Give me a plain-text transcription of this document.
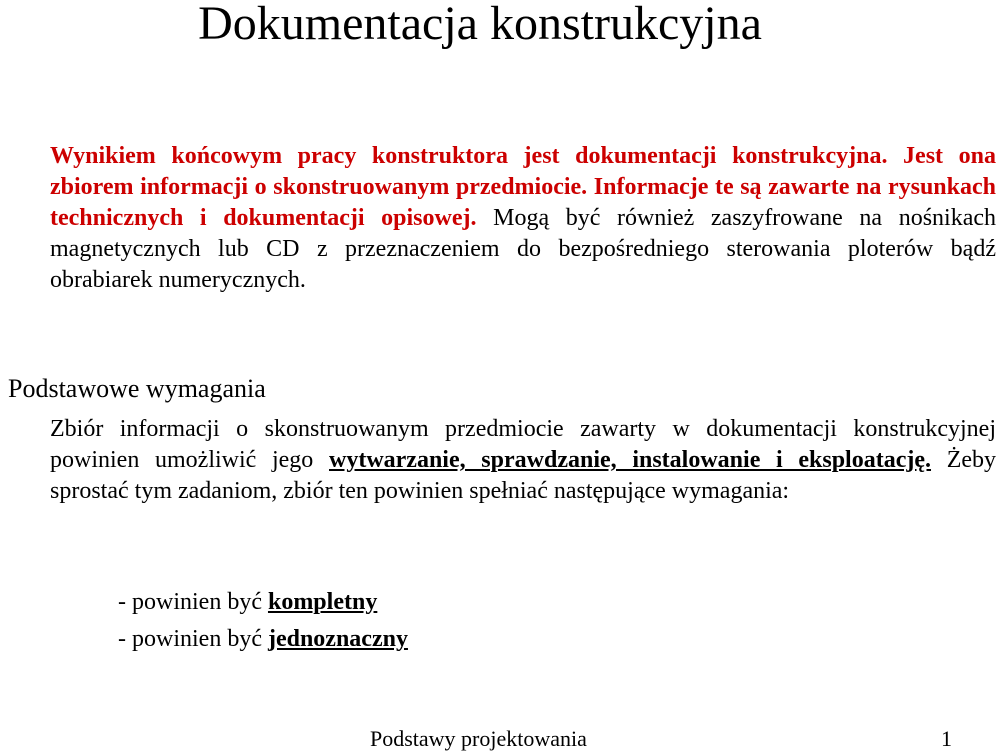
Dokumentacja konstrukcyjna

Wynikiem końcowym pracy konstruktora jest dokumentacji konstrukcyjna. Jest ona zbiorem informacji o skonstruowanym przedmiocie. Informacje te są zawarte na rysunkach technicznych i dokumentacji opisowej. Mogą być również zaszyfrowane na nośnikach magnetycznych lub CD z przeznaczeniem do bezpośredniego sterowania ploterów bądź obrabiarek numerycznych.

Podstawowe wymagania

Zbiór informacji o skonstruowanym przedmiocie zawarty w dokumentacji konstrukcyjnej powinien umożliwić jego wytwarzanie, sprawdzanie, instalowanie i eksploatację. Żeby sprostać tym zadaniom, zbiór ten powinien spełniać następujące wymagania:

- powinien być kompletny
- powinien być jednoznaczny
Podstawy projektowania	1
